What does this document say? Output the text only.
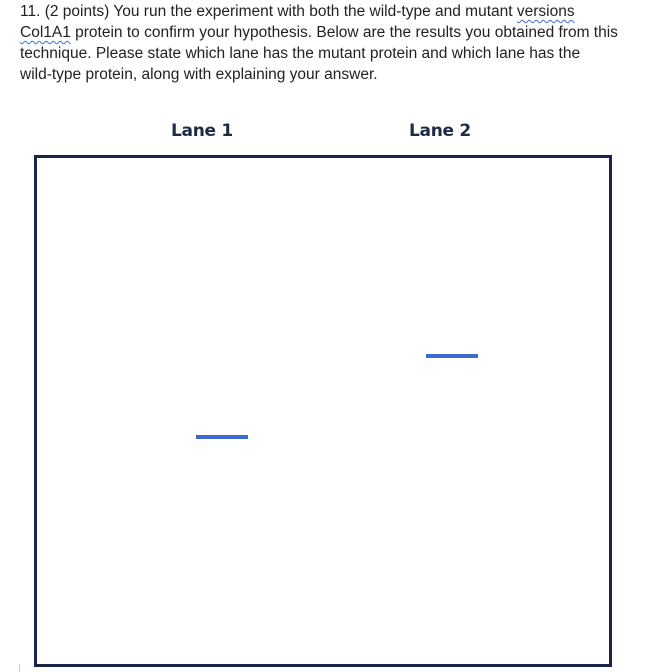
11. (2 points) You run the experiment with both the wild-type and mutant versions
Col1A1 protein to confirm your hypothesis. Below are the results you obtained from this
technique. Please state which lane has the mutant protein and which lane has the
wild-type protein, along with explaining your answer.
Lane 1	Lane 2
